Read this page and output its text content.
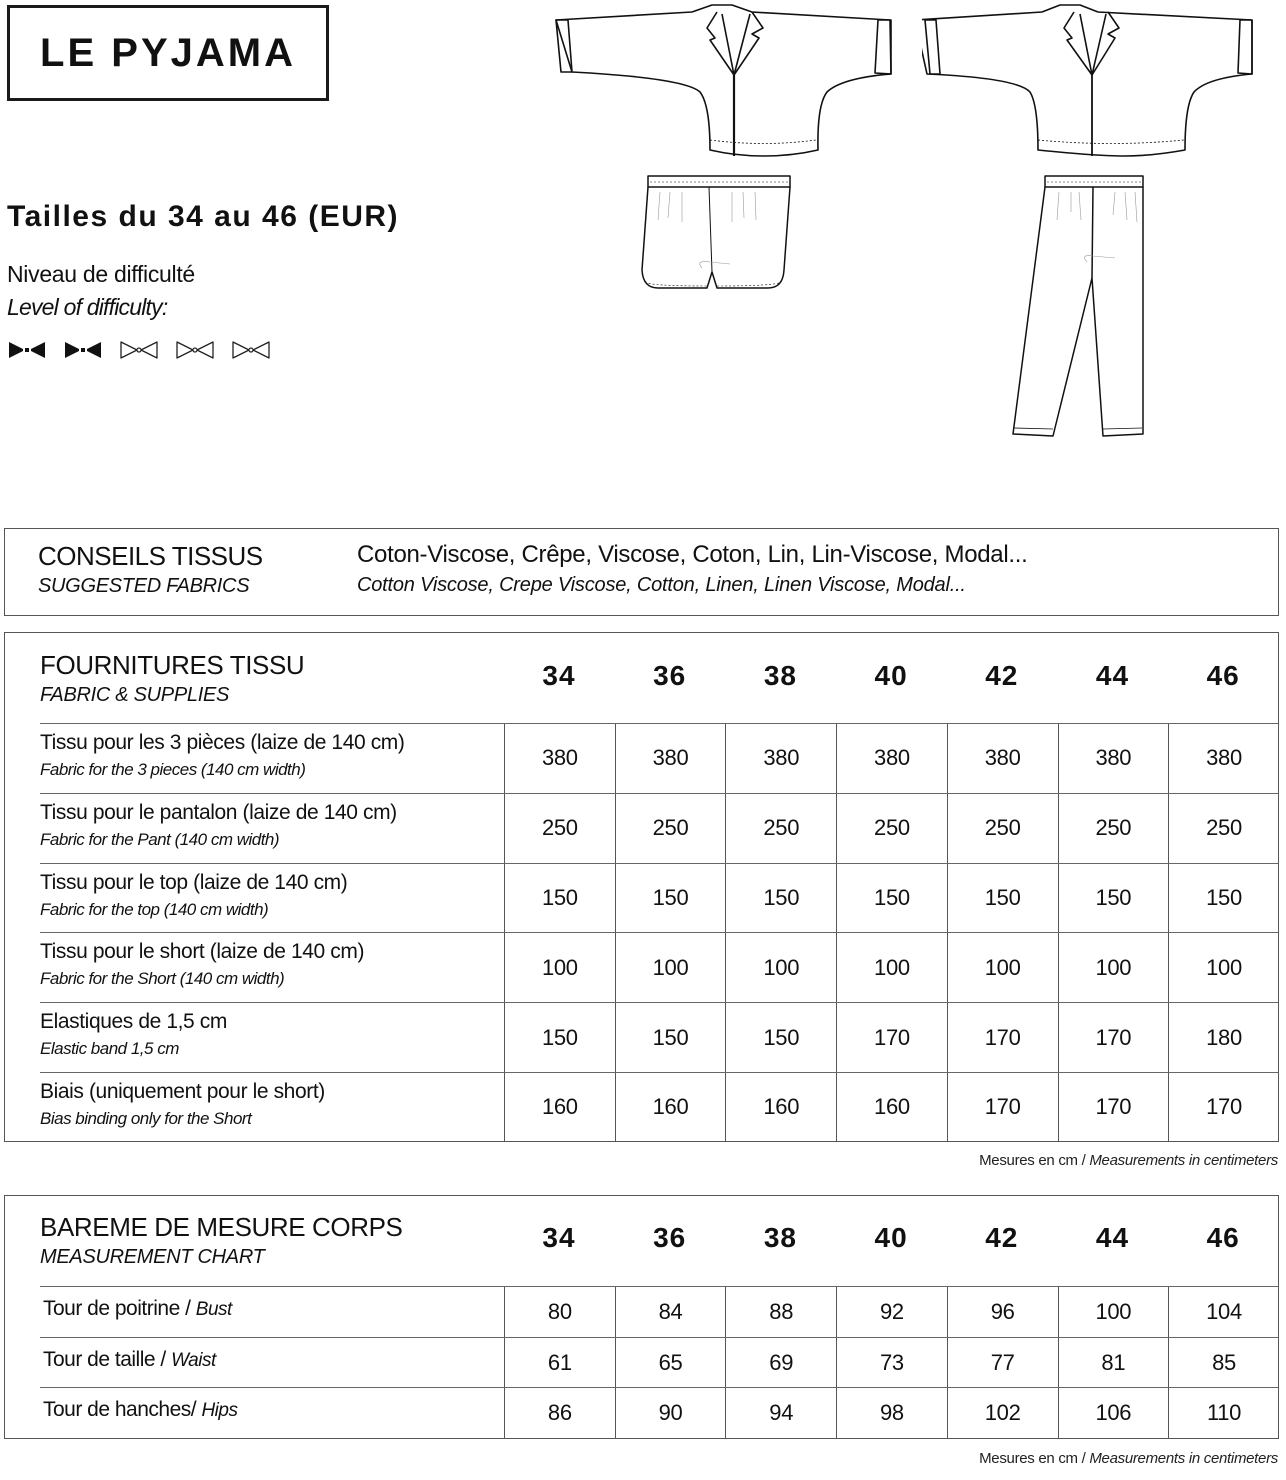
LE PYJAMA
Tailles du 34 au 46 (EUR)
Niveau de difficulté
Level of difficulty:
CONSEILS TISSUS
SUGGESTED FABRICS
Coton-Viscose, Crêpe, Viscose, Coton, Lin, Lin-Viscose, Modal...
Cotton Viscose, Crepe Viscose, Cotton, Linen, Linen Viscose, Modal...
FOURNITURES TISSU
FABRIC & SUPPLIES
34	36	38	40	42	44	46
Tissu pour les 3 pièces (laize de 140 cm)
Fabric for the 3 pieces (140 cm width)	380	380	380	380	380	380	380
Tissu pour le pantalon (laize de 140 cm)
Fabric for the Pant (140 cm width)	250	250	250	250	250	250	250
Tissu pour le top (laize de 140 cm)
Fabric for the top (140 cm width)	150	150	150	150	150	150	150
Tissu pour le short (laize de 140 cm)
Fabric for the Short (140 cm width)	100	100	100	100	100	100	100
Elastiques de 1,5 cm
Elastic band 1,5 cm	150	150	150	170	170	170	180
Biais (uniquement pour le short)
Bias binding only for the Short	160	160	160	160	170	170	170
Mesures en cm / Measurements in centimeters
BAREME DE MESURE CORPS
MEASUREMENT CHART
34	36	38	40	42	44	46
Tour de poitrine / Bust	80	84	88	92	96	100	104
Tour de taille / Waist	61	65	69	73	77	81	85
Tour de hanches/ Hips	86	90	94	98	102	106	110
Mesures en cm / Measurements in centimeters
